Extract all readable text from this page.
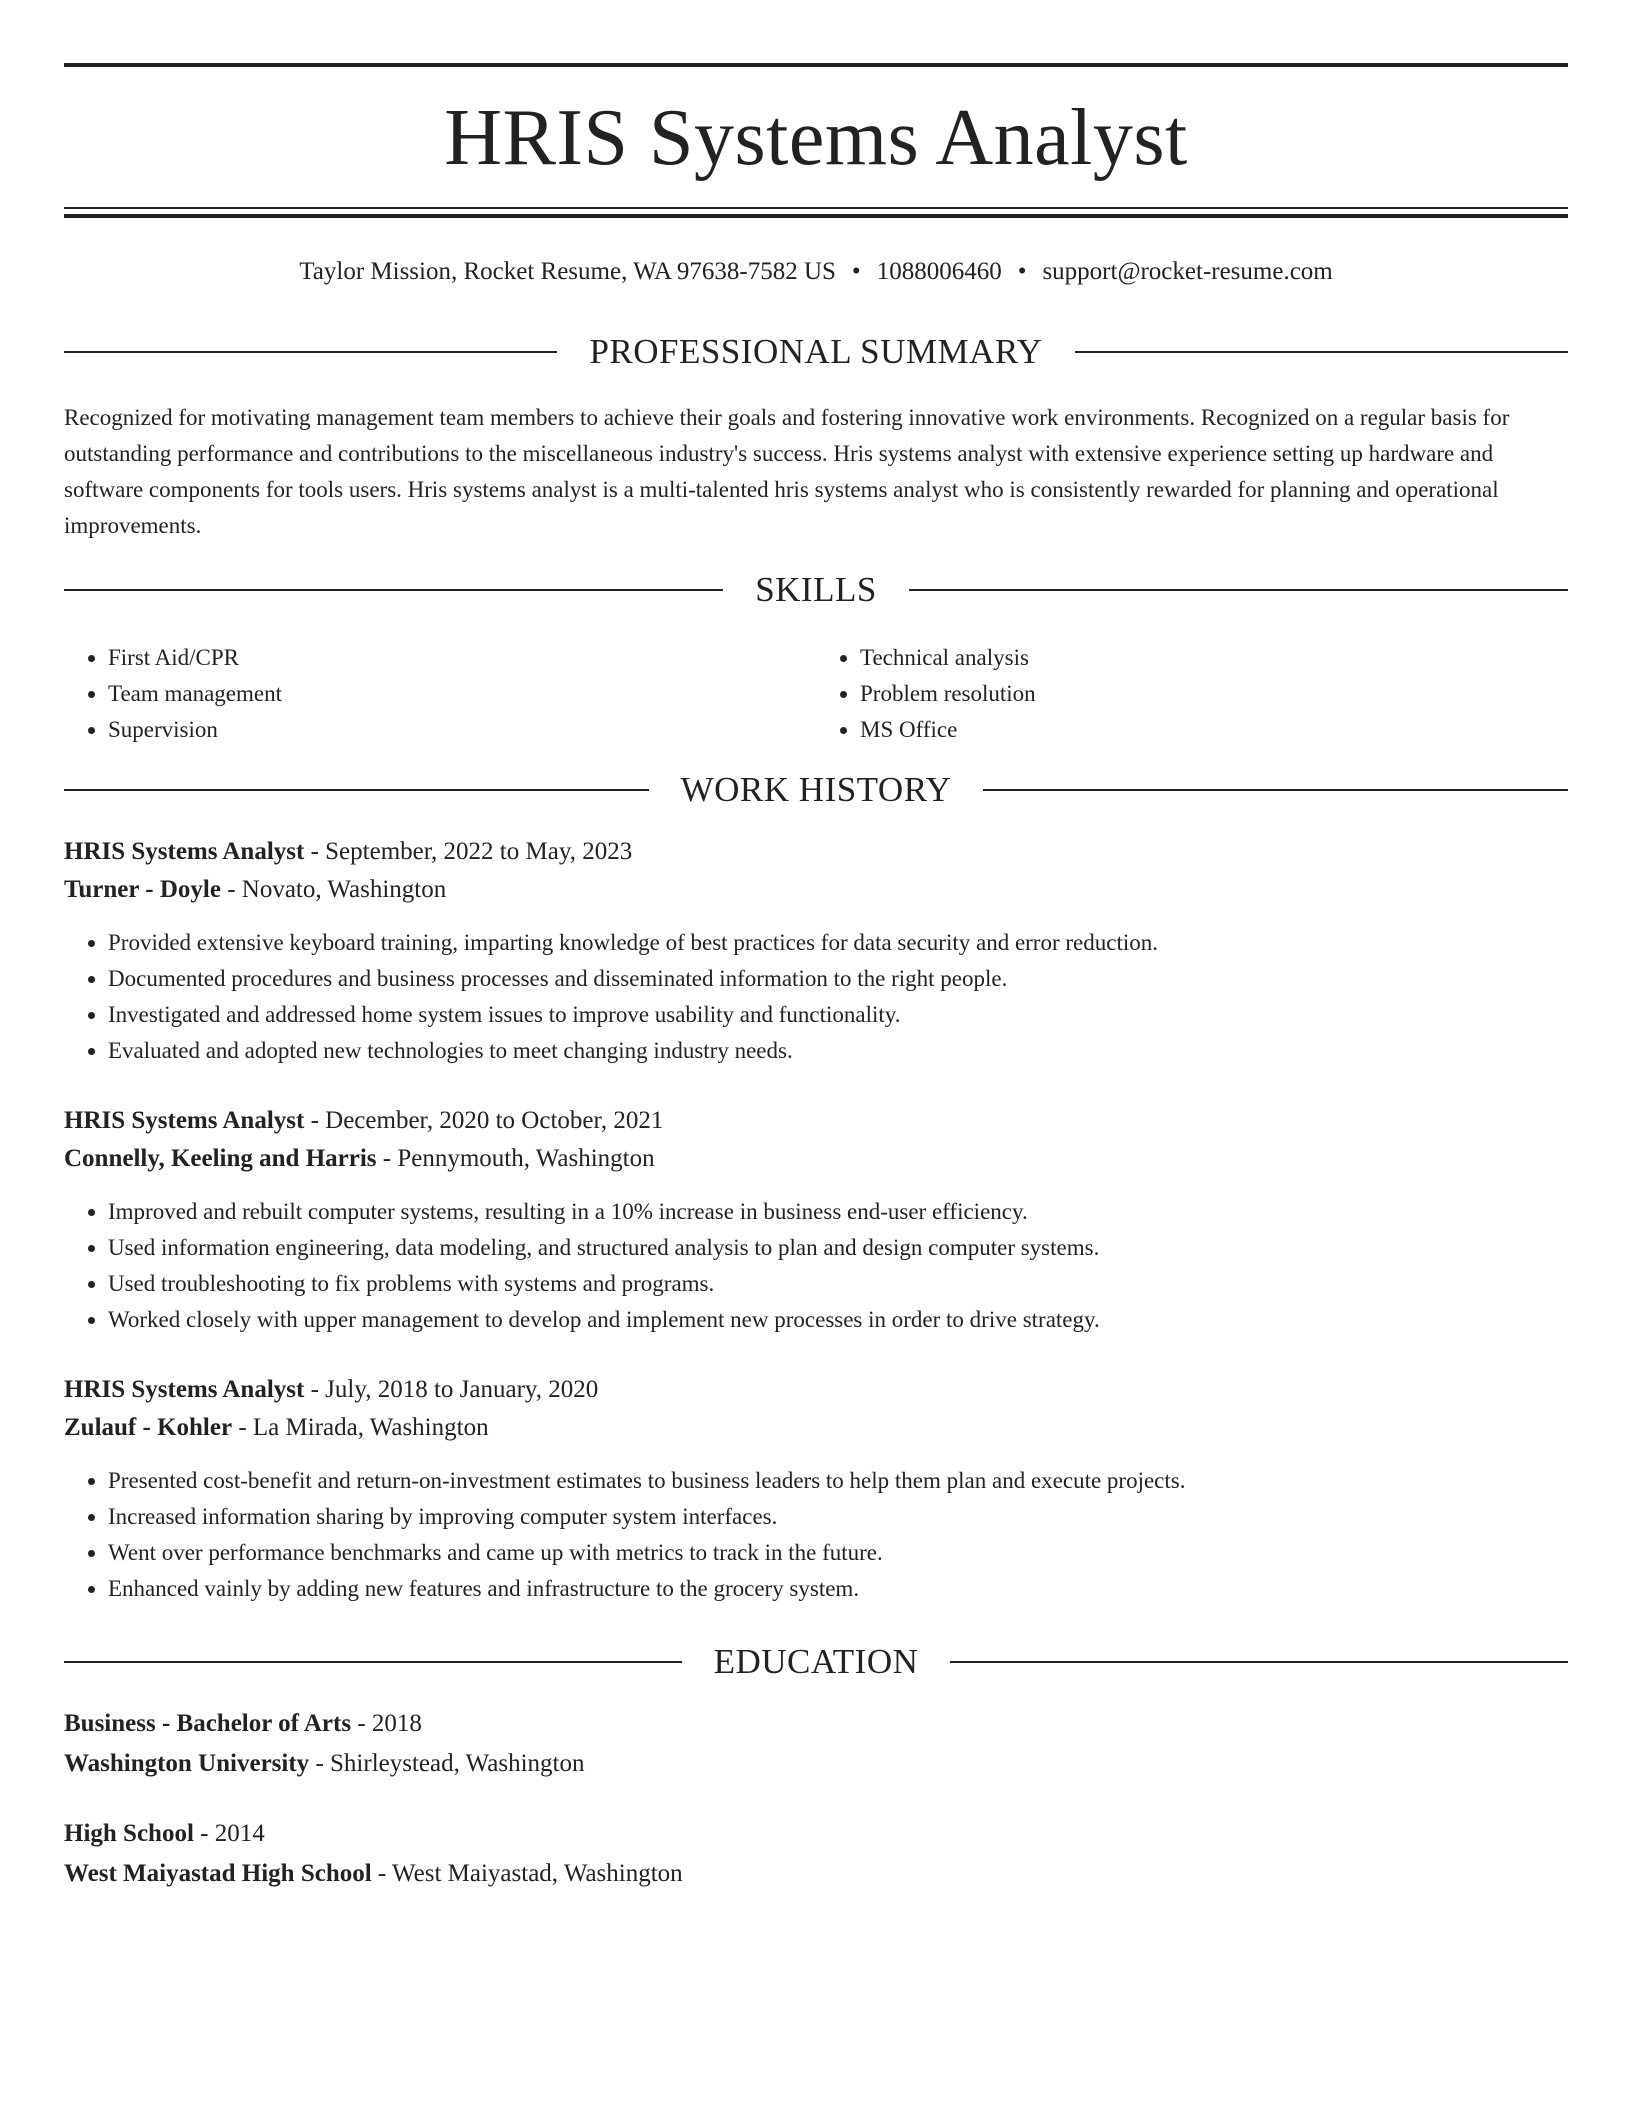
HRIS Systems Analyst
Taylor Mission, Rocket Resume, WA 97638-7582 US • 1088006460 • support@rocket-resume.com
PROFESSIONAL SUMMARY

Recognized for motivating management team members to achieve their goals and fostering innovative work environments. Recognized on a regular basis for outstanding performance and contributions to the miscellaneous industry's success. Hris systems analyst with extensive experience setting up hardware and software components for tools users. Hris systems analyst is a multi-talented hris systems analyst who is consistently rewarded for planning and operational improvements.

SKILLS
• First Aid/CPR
• Team management
• Supervision
• Technical analysis
• Problem resolution
• MS Office
WORK HISTORY
HRIS Systems Analyst - September, 2022 to May, 2023
Turner - Doyle - Novato, Washington
• Provided extensive keyboard training, imparting knowledge of best practices for data security and error reduction.
• Documented procedures and business processes and disseminated information to the right people.
• Investigated and addressed home system issues to improve usability and functionality.
• Evaluated and adopted new technologies to meet changing industry needs.
HRIS Systems Analyst - December, 2020 to October, 2021
Connelly, Keeling and Harris - Pennymouth, Washington
• Improved and rebuilt computer systems, resulting in a 10% increase in business end-user efficiency.
• Used information engineering, data modeling, and structured analysis to plan and design computer systems.
• Used troubleshooting to fix problems with systems and programs.
• Worked closely with upper management to develop and implement new processes in order to drive strategy.
HRIS Systems Analyst - July, 2018 to January, 2020
Zulauf - Kohler - La Mirada, Washington
• Presented cost-benefit and return-on-investment estimates to business leaders to help them plan and execute projects.
• Increased information sharing by improving computer system interfaces.
• Went over performance benchmarks and came up with metrics to track in the future.
• Enhanced vainly by adding new features and infrastructure to the grocery system.
EDUCATION
Business - Bachelor of Arts - 2018
Washington University - Shirleystead, Washington
High School - 2014
West Maiyastad High School - West Maiyastad, Washington
